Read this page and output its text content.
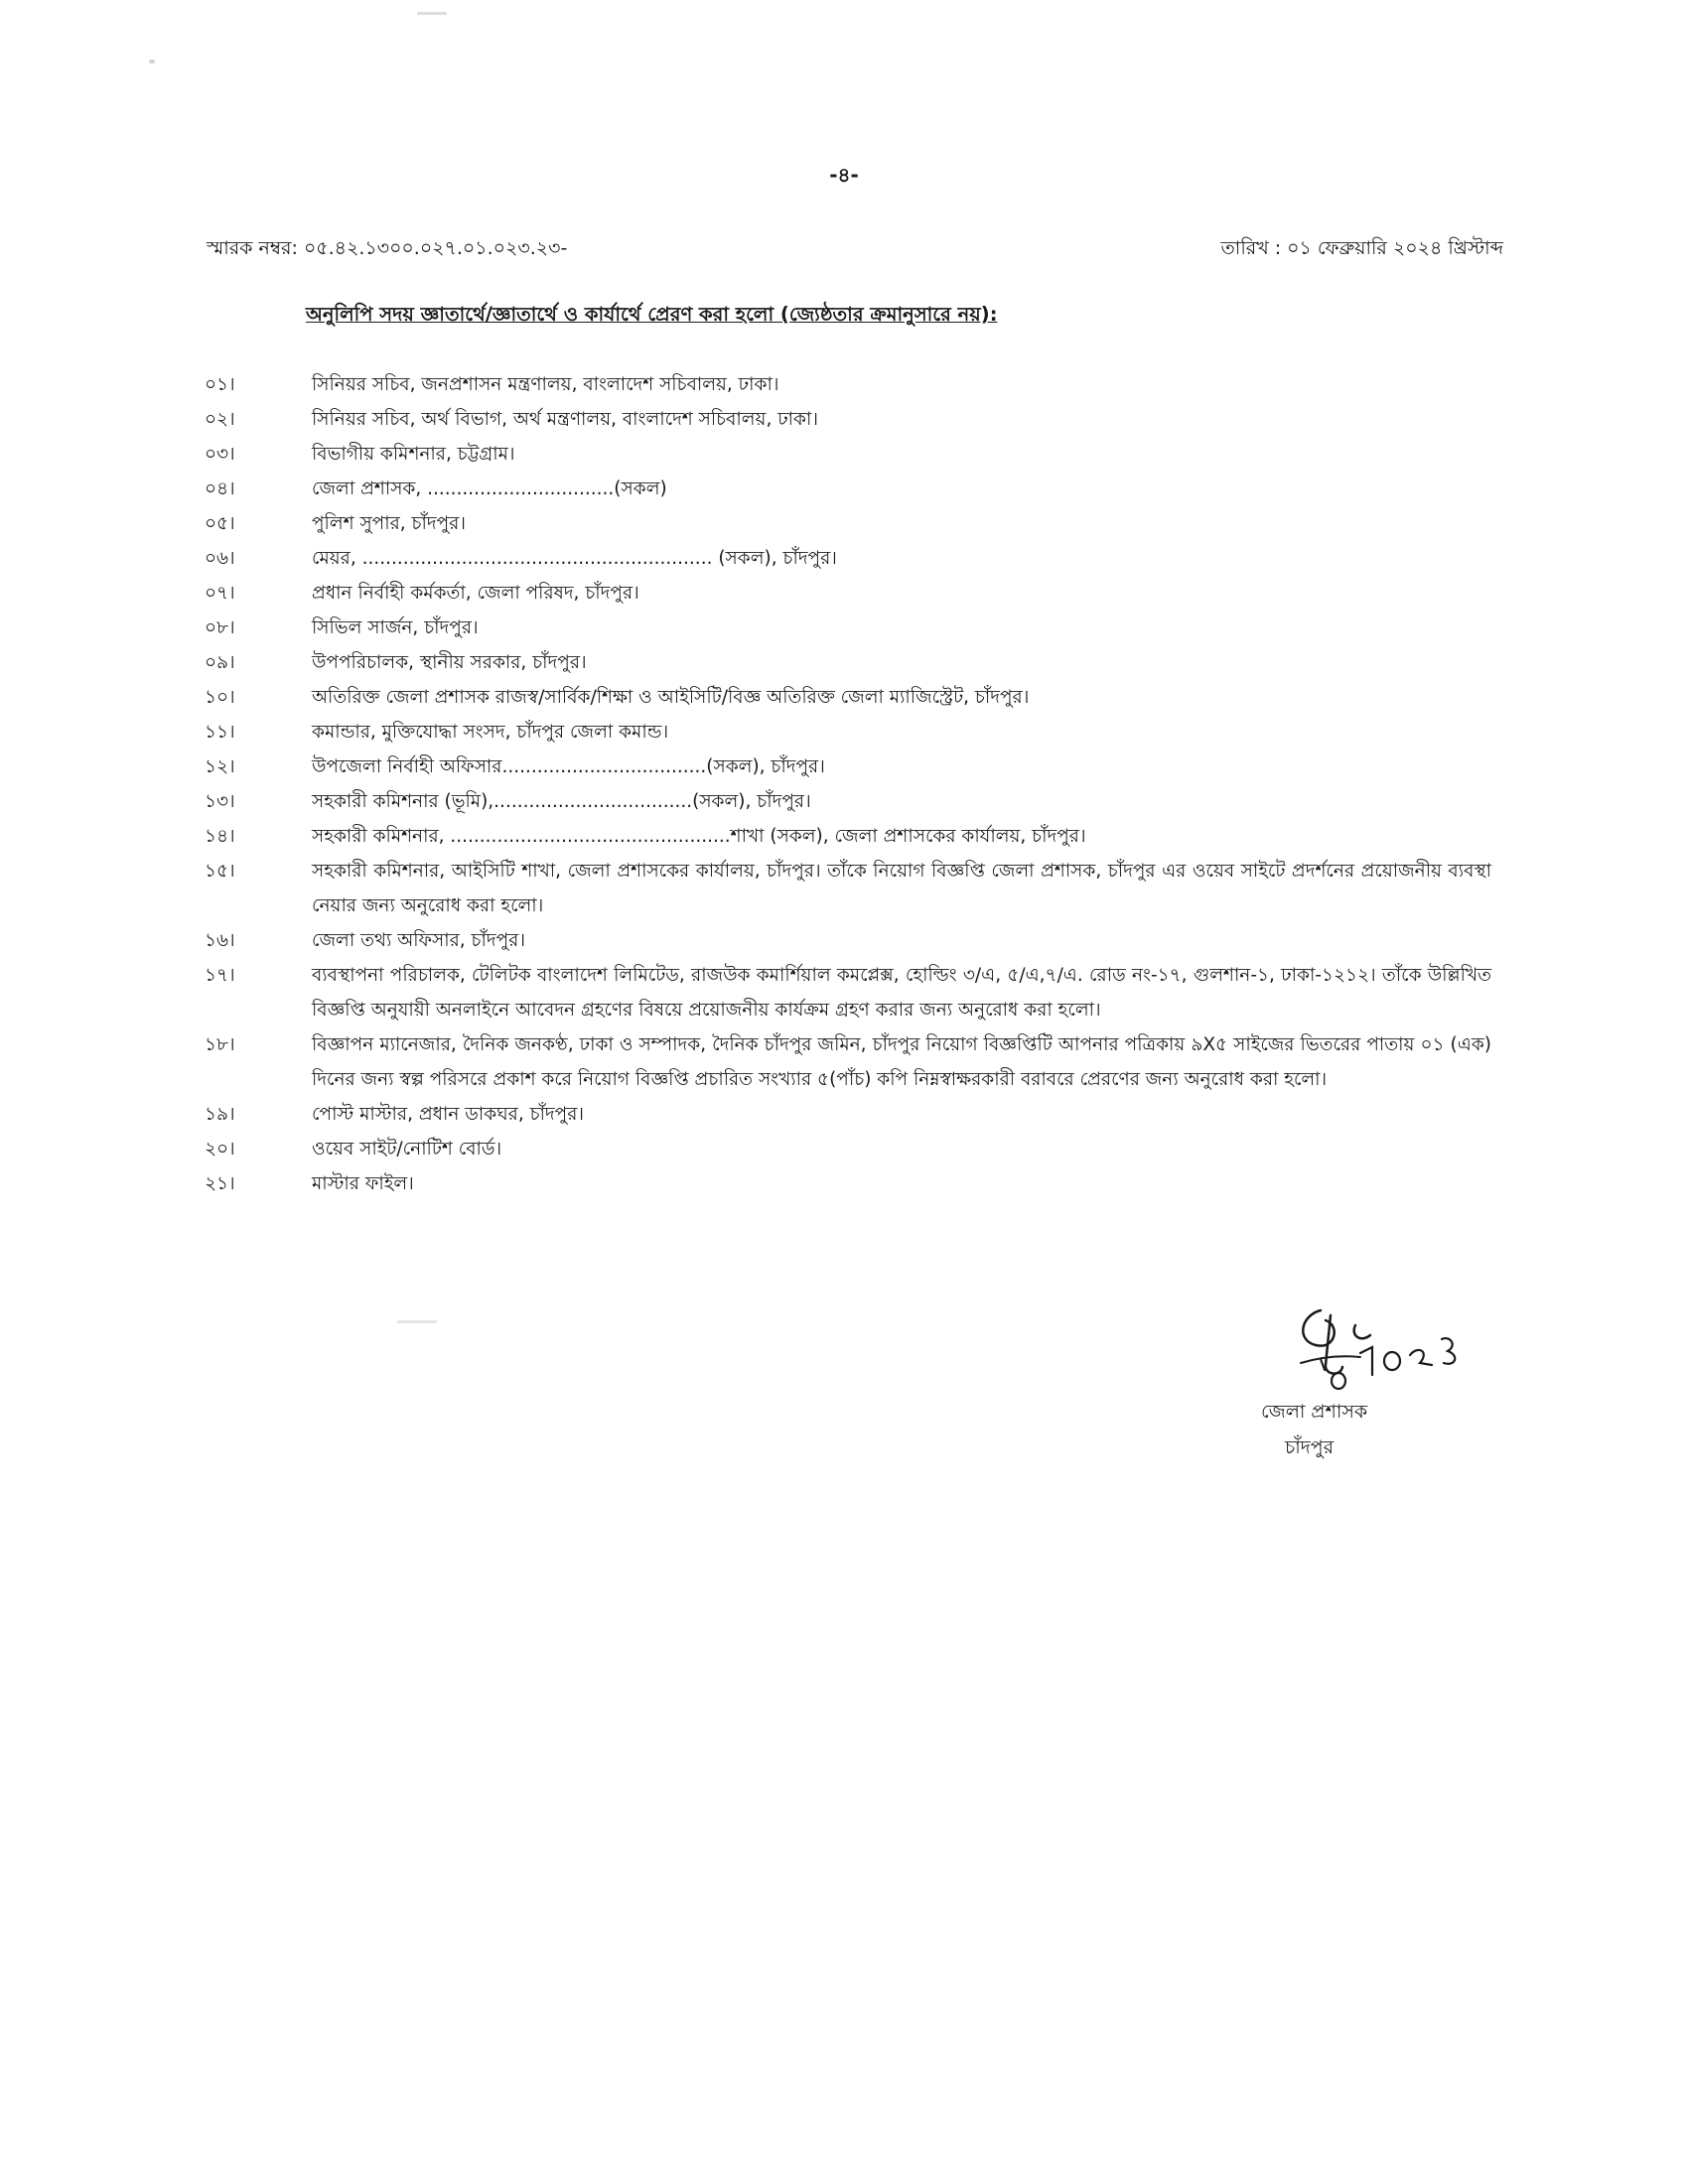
-৪-
স্মারক নম্বর: ০৫.৪২.১৩০০.০২৭.০১.০২৩.২৩-	তারিখ : ০১ ফেব্রুয়ারি ২০২৪ খ্রিস্টাব্দ
অনুলিপি সদয় জ্ঞাতার্থে/জ্ঞাতার্থে ও কার্যার্থে প্রেরণ করা হলো (জ্যেষ্ঠতার ক্রমানুসারে নয়):
০১।	সিনিয়র সচিব, জনপ্রশাসন মন্ত্রণালয়, বাংলাদেশ সচিবালয়, ঢাকা।
০২।	সিনিয়র সচিব, অর্থ বিভাগ, অর্থ মন্ত্রণালয়, বাংলাদেশ সচিবালয়, ঢাকা।
০৩।	বিভাগীয় কমিশনার, চট্টগ্রাম।
০৪।	জেলা প্রশাসক, ................................(সকল)
০৫।	পুলিশ সুপার, চাঁদপুর।
০৬।	মেয়র, ............................................................ (সকল), চাঁদপুর।
০৭।	প্রধান নির্বাহী কর্মকর্তা, জেলা পরিষদ, চাঁদপুর।
০৮।	সিভিল সার্জন, চাঁদপুর।
০৯।	উপপরিচালক, স্থানীয় সরকার, চাঁদপুর।
১০।	অতিরিক্ত জেলা প্রশাসক রাজস্ব/সার্বিক/শিক্ষা ও আইসিটি/বিজ্ঞ অতিরিক্ত জেলা ম্যাজিস্ট্রেট, চাঁদপুর।
১১।	কমান্ডার, মুক্তিযোদ্ধা সংসদ, চাঁদপুর জেলা কমান্ড।
১২।	উপজেলা নির্বাহী অফিসার...................................(সকল), চাঁদপুর।
১৩।	সহকারী কমিশনার (ভূমি),..................................(সকল), চাঁদপুর।
১৪।	সহকারী কমিশনার, ................................................শাখা (সকল), জেলা প্রশাসকের কার্যালয়, চাঁদপুর।
১৫।	সহকারী কমিশনার, আইসিটি শাখা, জেলা প্রশাসকের কার্যালয়, চাঁদপুর। তাঁকে নিয়োগ বিজ্ঞপ্তি জেলা প্রশাসক, চাঁদপুর এর ওয়েব সাইটে প্রদর্শনের প্রয়োজনীয় ব্যবস্থা নেয়ার জন্য অনুরোধ করা হলো।
১৬।	জেলা তথ্য অফিসার, চাঁদপুর।
১৭।	ব্যবস্থাপনা পরিচালক, টেলিটক বাংলাদেশ লিমিটেড, রাজউক কমার্শিয়াল কমপ্লেক্স, হোল্ডিং ৩/এ, ৫/এ,৭/এ. রোড নং-১৭, গুলশান-১, ঢাকা-১২১২। তাঁকে উল্লিখিত বিজ্ঞপ্তি অনুযায়ী অনলাইনে আবেদন গ্রহণের বিষয়ে প্রয়োজনীয় কার্যক্রম গ্রহণ করার জন্য অনুরোধ করা হলো।
১৮।	বিজ্ঞাপন ম্যানেজার, দৈনিক জনকণ্ঠ, ঢাকা ও সম্পাদক, দৈনিক চাঁদপুর জমিন, চাঁদপুর নিয়োগ বিজ্ঞপ্তিটি আপনার পত্রিকায় ৯X৫ সাইজের ভিতরের পাতায় ০১ (এক) দিনের জন্য স্বল্প পরিসরে প্রকাশ করে নিয়োগ বিজ্ঞপ্তি প্রচারিত সংখ্যার ৫(পাঁচ) কপি নিম্নস্বাক্ষরকারী বরাবরে প্রেরণের জন্য অনুরোধ করা হলো।
১৯।	পোস্ট মাস্টার, প্রধান ডাকঘর, চাঁদপুর।
২০।	ওয়েব সাইট/নোটিশ বোর্ড।
২১।	মাস্টার ফাইল।
জেলা প্রশাসক
চাঁদপুর
